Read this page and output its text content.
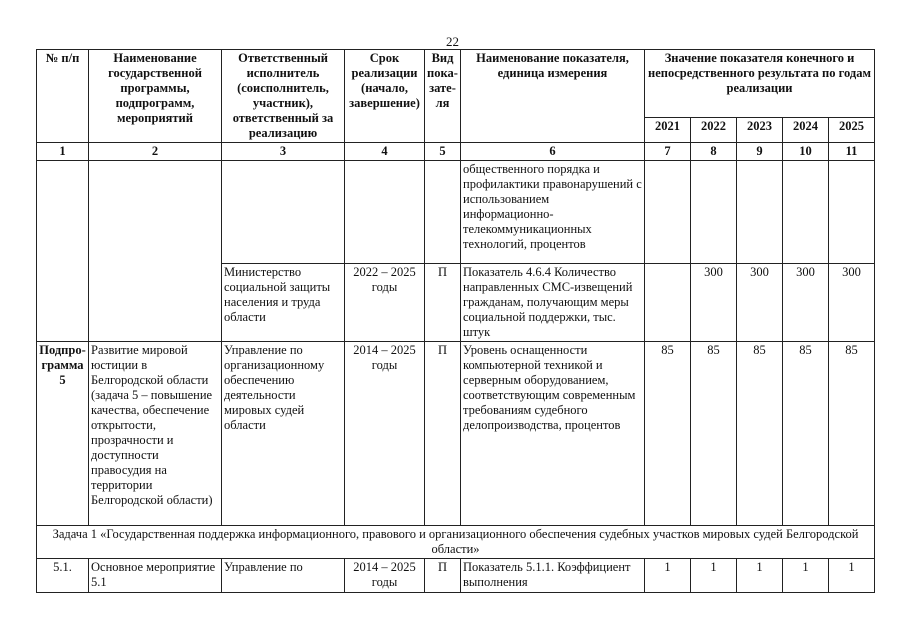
22
№ п/п	Наименование государственной программы, подпрограмм, мероприятий	Ответственный исполнитель (соисполнитель, участник), ответственный за реализацию	Срок реализации (начало, завершение)	Вид пока-зате-ля	Наименование показателя, единица измерения	Значение показателя конечного и непосредственного результата по годам реализации				
						2021	2022	2023	2024	2025
1	2	3	4	5	6	7	8	9	10	11
					общественного порядка и профилактики правонарушений с использованием информационно-телекоммуникационных технологий, процентов					
		Министерство социальной защиты населения и труда области	2022 – 2025 годы	П	Показатель 4.6.4 Количество направленных СМС-извещений гражданам, получающим меры социальной поддержки, тыс. штук		300	300	300	300
Подпро-грамма 5	Развитие мировой юстиции в Белгородской области (задача 5 – повышение качества, обеспечение открытости, прозрачности и доступности правосудия на территории Белгородской области)	Управление по организационному обеспечению деятельности мировых судей области	2014 – 2025 годы	П	Уровень оснащенности компьютерной техникой и серверным оборудованием, соответствующим современным требованиям судебного делопроизводства, процентов	85	85	85	85	85
Задача 1 «Государственная поддержка информационного, правового и организационного обеспечения судебных участков мировых судей Белгородской области»										
5.1.	Основное мероприятие 5.1	Управление по	2014 – 2025 годы	П	Показатель 5.1.1. Коэффициент выполнения	1	1	1	1	1
